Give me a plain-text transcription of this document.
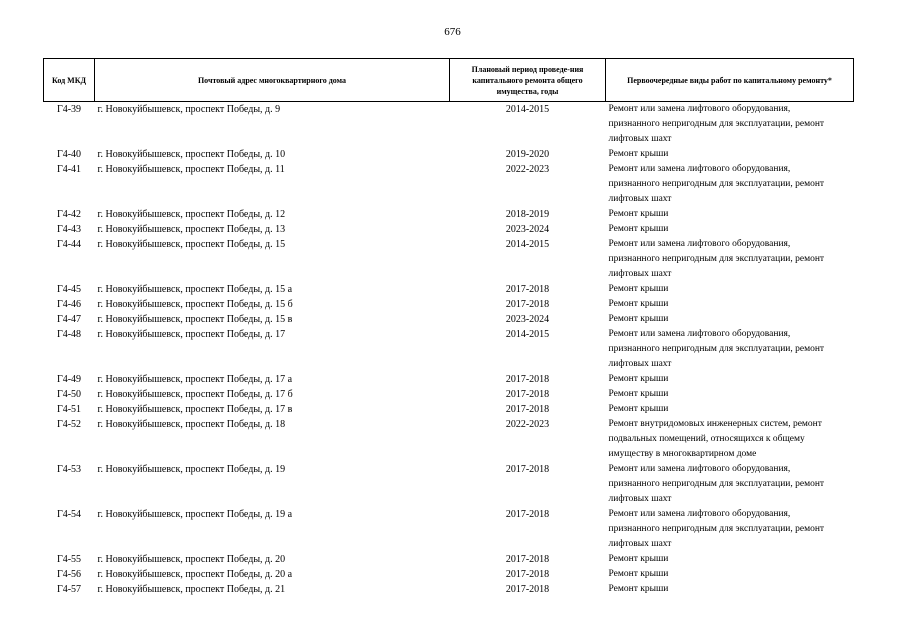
676
Код МКД	Почтовый адрес многоквартирного дома	Плановый период проведе-ния капитального ремонта общего имущества, годы	Первоочередные виды работ по капитальному ремонту*
Г4-39	г. Новокуйбышевск, проспект Победы, д. 9	2014-2015	Ремонт или замена лифтового оборудования, признанного непригодным для эксплуатации, ремонт лифтовых шахт
Г4-40	г. Новокуйбышевск, проспект Победы, д. 10	2019-2020	Ремонт крыши
Г4-41	г. Новокуйбышевск, проспект Победы, д. 11	2022-2023	Ремонт или замена лифтового оборудования, признанного непригодным для эксплуатации, ремонт лифтовых шахт
Г4-42	г. Новокуйбышевск, проспект Победы, д. 12	2018-2019	Ремонт крыши
Г4-43	г. Новокуйбышевск, проспект Победы, д. 13	2023-2024	Ремонт крыши
Г4-44	г. Новокуйбышевск, проспект Победы, д. 15	2014-2015	Ремонт или замена лифтового оборудования, признанного непригодным для эксплуатации, ремонт лифтовых шахт
Г4-45	г. Новокуйбышевск, проспект Победы, д. 15 а	2017-2018	Ремонт крыши
Г4-46	г. Новокуйбышевск, проспект Победы, д. 15 б	2017-2018	Ремонт крыши
Г4-47	г. Новокуйбышевск, проспект Победы, д. 15 в	2023-2024	Ремонт крыши
Г4-48	г. Новокуйбышевск, проспект Победы, д. 17	2014-2015	Ремонт или замена лифтового оборудования, признанного непригодным для эксплуатации, ремонт лифтовых шахт
Г4-49	г. Новокуйбышевск, проспект Победы, д. 17 а	2017-2018	Ремонт крыши
Г4-50	г. Новокуйбышевск, проспект Победы, д. 17 б	2017-2018	Ремонт крыши
Г4-51	г. Новокуйбышевск, проспект Победы, д. 17 в	2017-2018	Ремонт крыши
Г4-52	г. Новокуйбышевск, проспект Победы, д. 18	2022-2023	Ремонт внутридомовых инженерных систем, ремонт подвальных помещений, относящихся к общему имуществу в многоквартирном доме
Г4-53	г. Новокуйбышевск, проспект Победы, д. 19	2017-2018	Ремонт или замена лифтового оборудования, признанного непригодным для эксплуатации, ремонт лифтовых шахт
Г4-54	г. Новокуйбышевск, проспект Победы, д. 19 а	2017-2018	Ремонт или замена лифтового оборудования, признанного непригодным для эксплуатации, ремонт лифтовых шахт
Г4-55	г. Новокуйбышевск, проспект Победы, д. 20	2017-2018	Ремонт крыши
Г4-56	г. Новокуйбышевск, проспект Победы, д. 20 а	2017-2018	Ремонт крыши
Г4-57	г. Новокуйбышевск, проспект Победы, д. 21	2017-2018	Ремонт крыши
